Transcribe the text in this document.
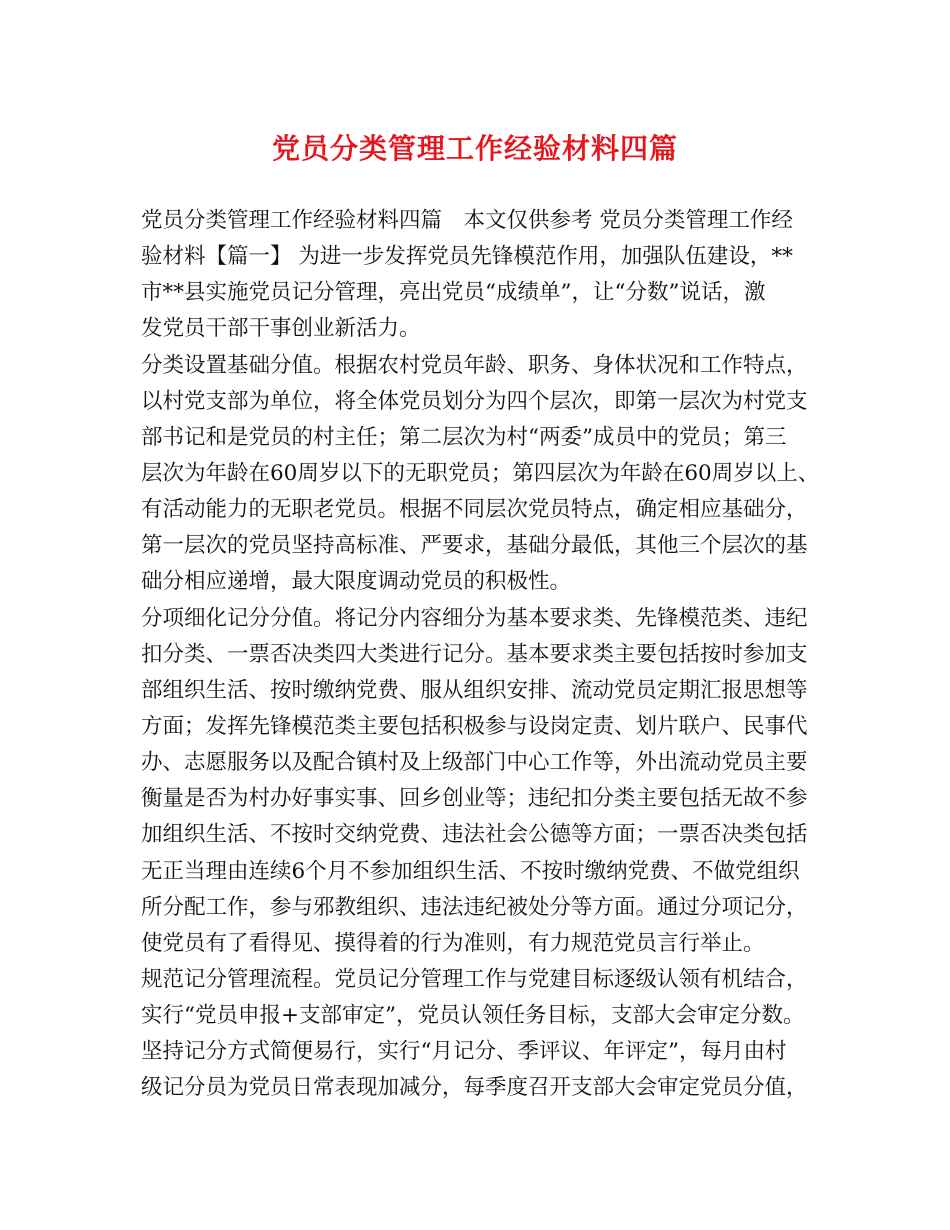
党员分类管理工作经验材料四篇
党员分类管理工作经验材料四篇　本文仅供参考 党员分类管理工作经
验材料【篇一】 为进一步发挥党员先锋模范作用，加强队伍建设，**
市**县实施党员记分管理，亮出党员“成绩单”，让“分数”说话，激
发党员干部干事创业新活力。
分类设置基础分值。根据农村党员年龄、职务、身体状况和工作特点，
以村党支部为单位，将全体党员划分为四个层次，即第一层次为村党支
部书记和是党员的村主任；第二层次为村“两委”成员中的党员；第三
层次为年龄在60周岁以下的无职党员；第四层次为年龄在60周岁以上、
有活动能力的无职老党员。根据不同层次党员特点，确定相应基础分，
第一层次的党员坚持高标准、严要求，基础分最低，其他三个层次的基
础分相应递增，最大限度调动党员的积极性。
分项细化记分分值。将记分内容细分为基本要求类、先锋模范类、违纪
扣分类、一票否决类四大类进行记分。基本要求类主要包括按时参加支
部组织生活、按时缴纳党费、服从组织安排、流动党员定期汇报思想等
方面；发挥先锋模范类主要包括积极参与设岗定责、划片联户、民事代
办、志愿服务以及配合镇村及上级部门中心工作等，外出流动党员主要
衡量是否为村办好事实事、回乡创业等；违纪扣分类主要包括无故不参
加组织生活、不按时交纳党费、违法社会公德等方面；一票否决类包括
无正当理由连续6个月不参加组织生活、不按时缴纳党费、不做党组织
所分配工作，参与邪教组织、违法违纪被处分等方面。通过分项记分，
使党员有了看得见、摸得着的行为准则，有力规范党员言行举止。
规范记分管理流程。党员记分管理工作与党建目标逐级认领有机结合，
实行“党员申报+支部审定”，党员认领任务目标，支部大会审定分数。
坚持记分方式简便易行，实行“月记分、季评议、年评定”，每月由村
级记分员为党员日常表现加减分，每季度召开支部大会审定党员分值，
